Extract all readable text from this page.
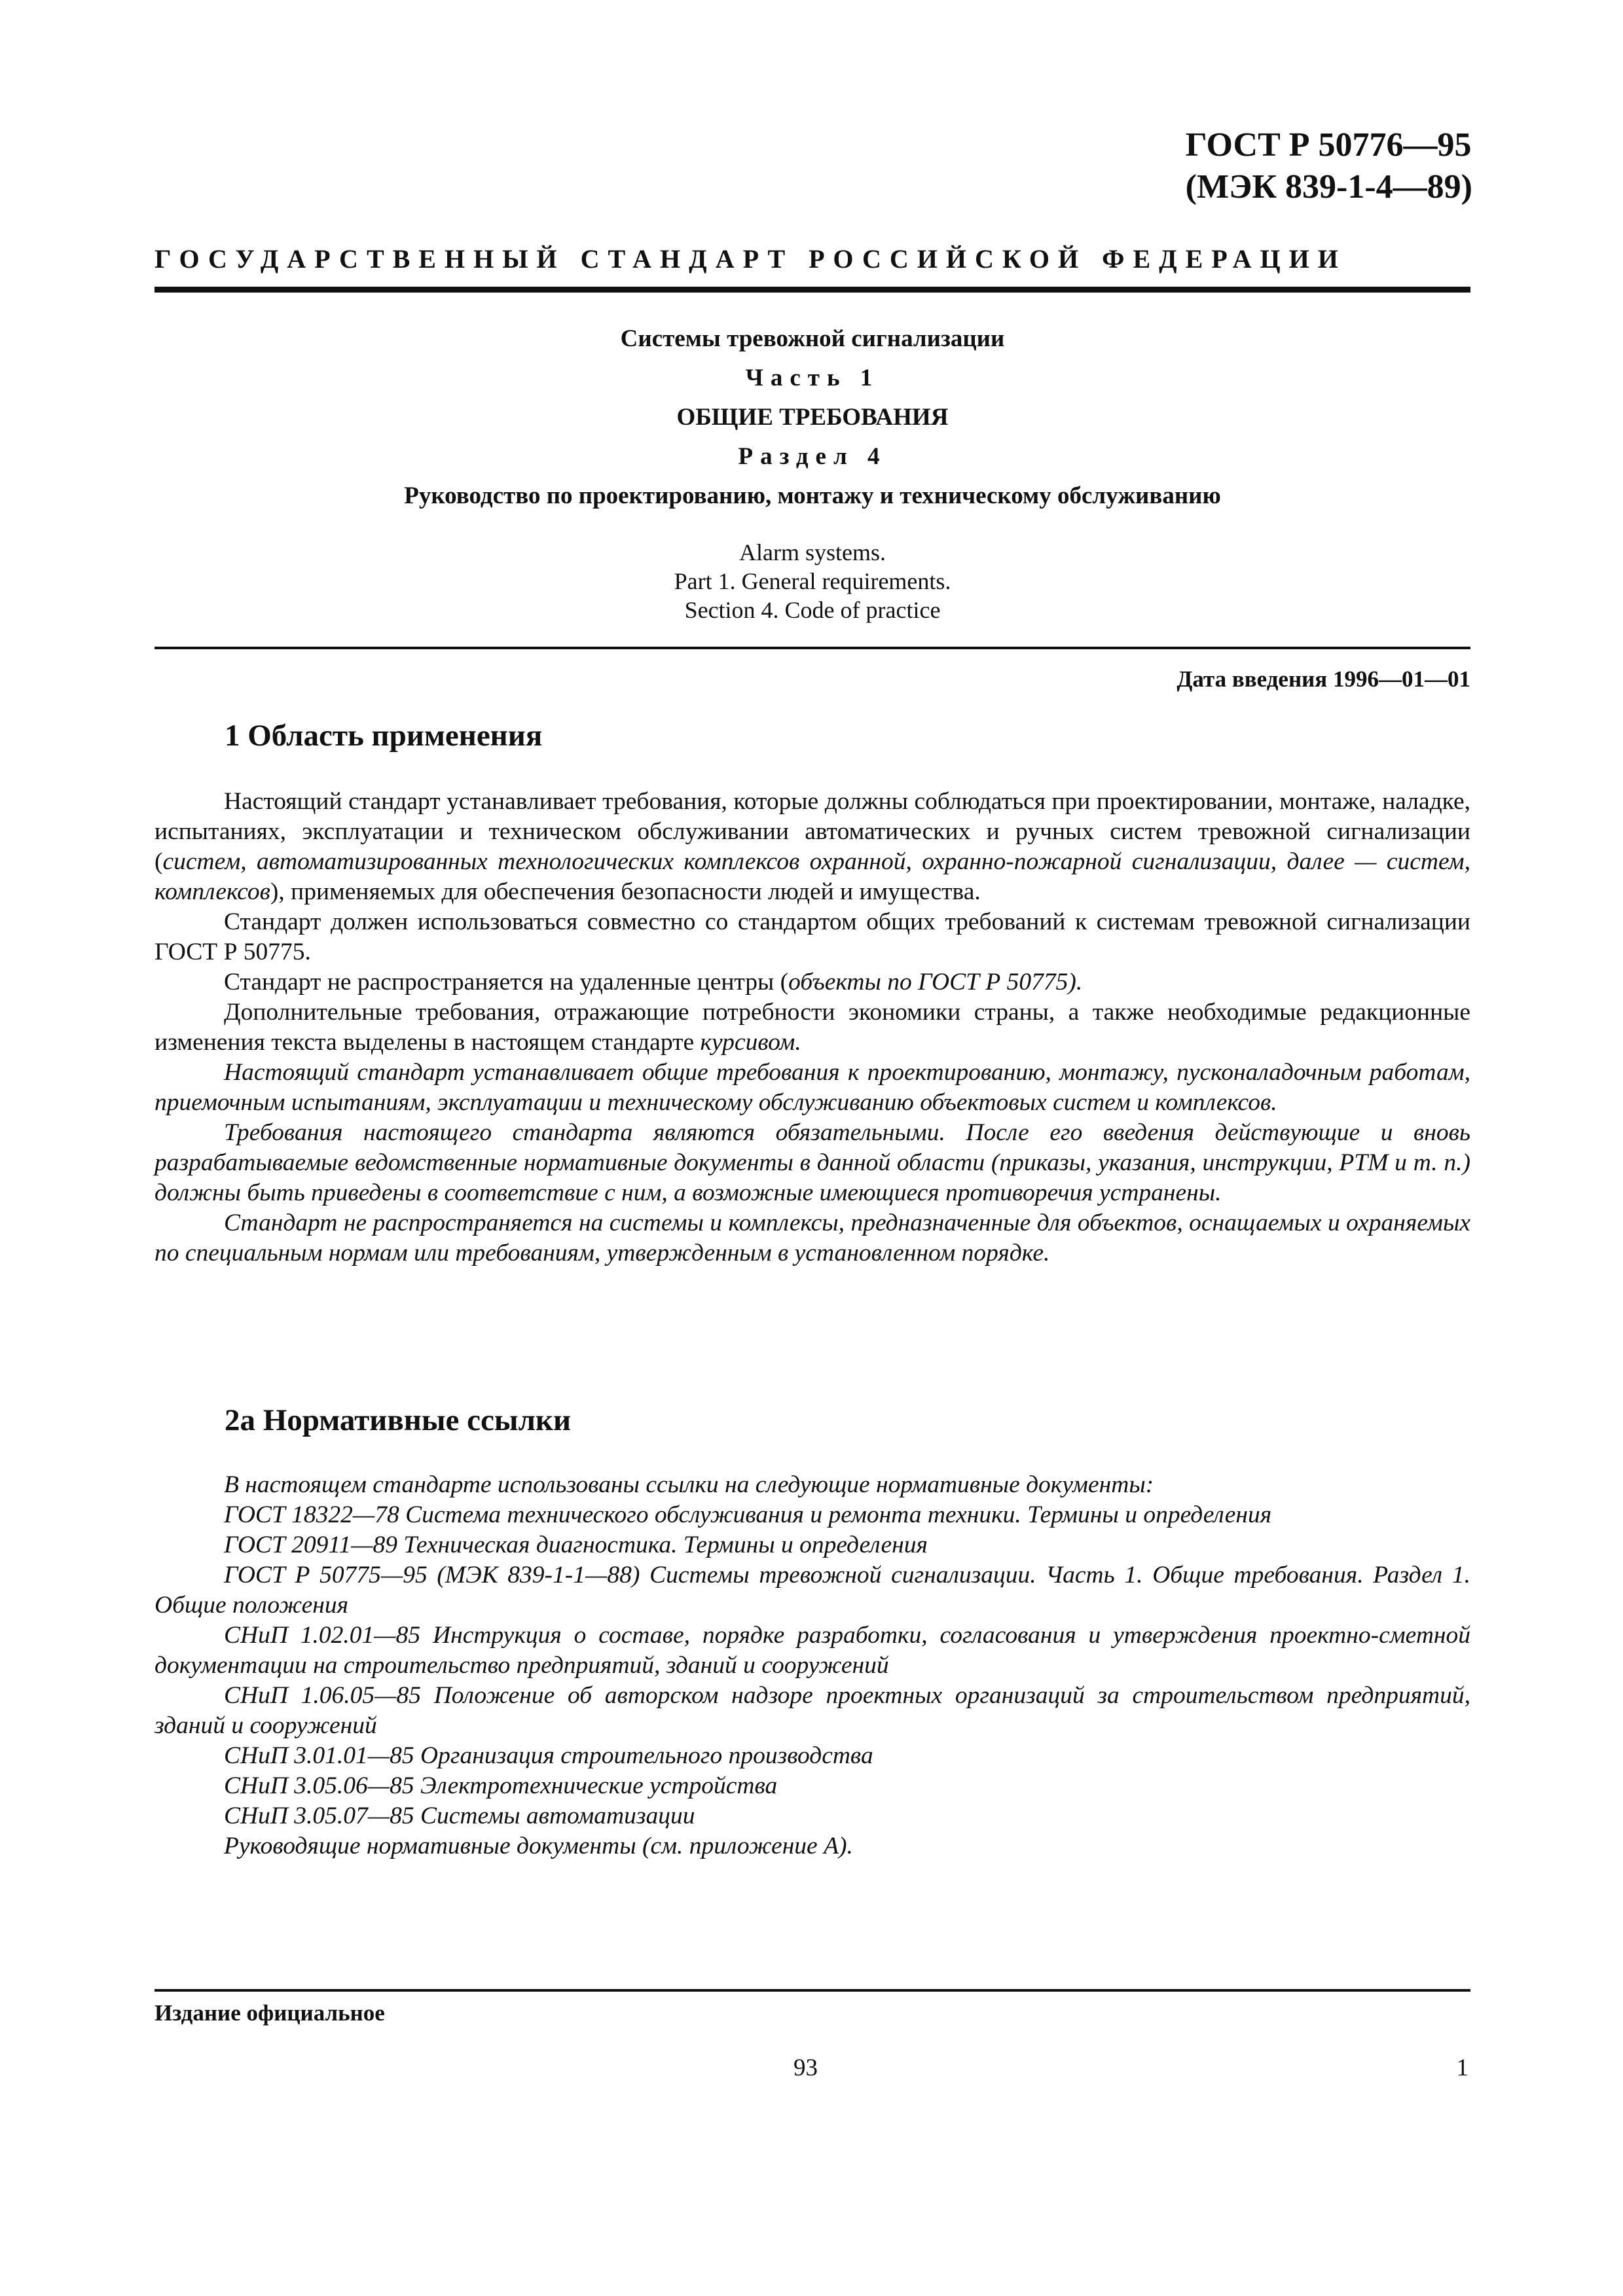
ГОСТ Р 50776—95
(МЭК 839-1-4—89)
ГОСУДАРСТВЕННЫЙ СТАНДАРТ РОССИЙСКОЙ ФЕДЕРАЦИИ
Системы тревожной сигнализации
Часть 1
ОБЩИЕ ТРЕБОВАНИЯ
Раздел 4
Руководство по проектированию, монтажу и техническому обслуживанию
Alarm systems.
Part 1. General requirements.
Section 4. Code of practice
Дата введения 1996—01—01
1 Область применения

Настоящий стандарт устанавливает требования, которые должны соблюдаться при проектировании, монтаже, наладке, испытаниях, эксплуатации и техническом обслуживании автоматических и ручных систем тревожной сигнализации (систем, автоматизированных технологических комплексов охранной, охранно-пожарной сигнализации, далее — систем, комплексов), применяемых для обеспечения безопасности людей и имущества.

Стандарт должен использоваться совместно со стандартом общих требований к системам тревожной сигнализации ГОСТ Р 50775.

Стандарт не распространяется на удаленные центры (объекты по ГОСТ Р 50775).

Дополнительные требования, отражающие потребности экономики страны, а также необходимые редакционные изменения текста выделены в настоящем стандарте курсивом.

Настоящий стандарт устанавливает общие требования к проектированию, монтажу, пусконаладочным работам, приемочным испытаниям, эксплуатации и техническому обслуживанию объектовых систем и комплексов.

Требования настоящего стандарта являются обязательными. После его введения действующие и вновь разрабатываемые ведомственные нормативные документы в данной области (приказы, указания, инструкции, РТМ и т. п.) должны быть приведены в соответствие с ним, а возможные имеющиеся противоречия устранены.

Стандарт не распространяется на системы и комплексы, предназначенные для объектов, оснащаемых и охраняемых по специальным нормам или требованиям, утвержденным в установленном порядке.

2а Нормативные ссылки

В настоящем стандарте использованы ссылки на следующие нормативные документы:

ГОСТ 18322—78 Система технического обслуживания и ремонта техники. Термины и определения

ГОСТ 20911—89 Техническая диагностика. Термины и определения

ГОСТ Р 50775—95 (МЭК 839-1-1—88) Системы тревожной сигнализации. Часть 1. Общие требования. Раздел 1. Общие положения

СНиП 1.02.01—85 Инструкция о составе, порядке разработки, согласования и утверждения проектно-сметной документации на строительство предприятий, зданий и сооружений

СНиП 1.06.05—85 Положение об авторском надзоре проектных организаций за строительством предприятий, зданий и сооружений

СНиП 3.01.01—85 Организация строительного производства

СНиП 3.05.06—85 Электротехнические устройства

СНиП 3.05.07—85 Системы автоматизации

Руководящие нормативные документы (см. приложение А).

Издание официальное
93	1
